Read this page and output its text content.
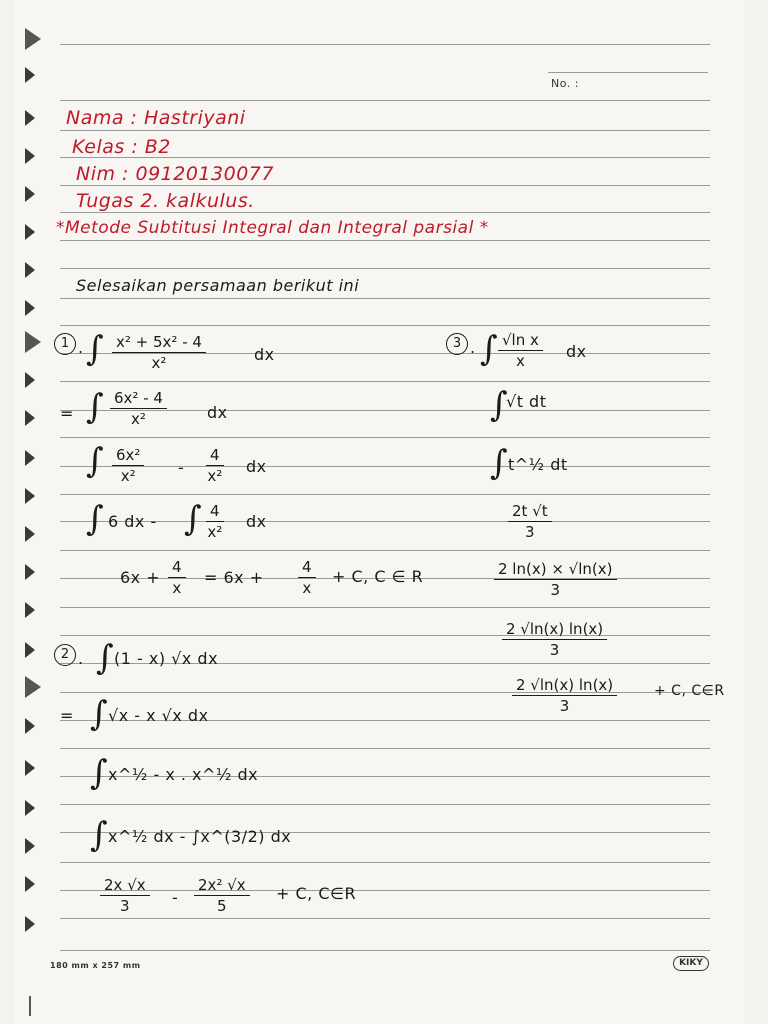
No. :
Nama : Hastriyani
Kelas : B2
Nim : 09120130077
Tugas 2. kalkulus.
*Metode Subtitusi Integral dan Integral parsial *
Selesaikan persamaan berikut ini
1 . ∫ $\frac{\text{x² + 5x² - 4}}{\text{x²}}$	dx
= ∫ $\frac{\text{6x² - 4}}{\text{x²}}$	dx
∫ $\frac{\text{6x²}}{\text{x²}} - \frac{4}{\text{x²}}$ dx
∫ 6 dx - ∫ $\frac{4}{\text{x²}}$ dx
$6x + \frac{4}{x} = 6x + \frac{4}{x} + C$, C ∈ R
2 . ∫ (1 - x) √x dx
= ∫ √x - x √x dx
∫ x^½ - x . x^½ dx
∫ x^½ dx - ∫x^(3/2) dx
$\frac{2x √x}{3} - \frac{\text{2x² √x}}{5} + C$, C∈R
3 . ∫ $\frac{\text{√ln x}}{x}$ dx
∫
√t dt
∫ t^½ dt
$\frac{2t √t}{3}$
$\frac{2 \ln(x) \times √\ln(x)}{3}$
$\frac{2 √\ln(x) \ln(x)}{3}$
$\frac{2 √\ln(x) \ln(x)}{3}$	+ C, C∈R
180 mm x 257 mm	KIKY
